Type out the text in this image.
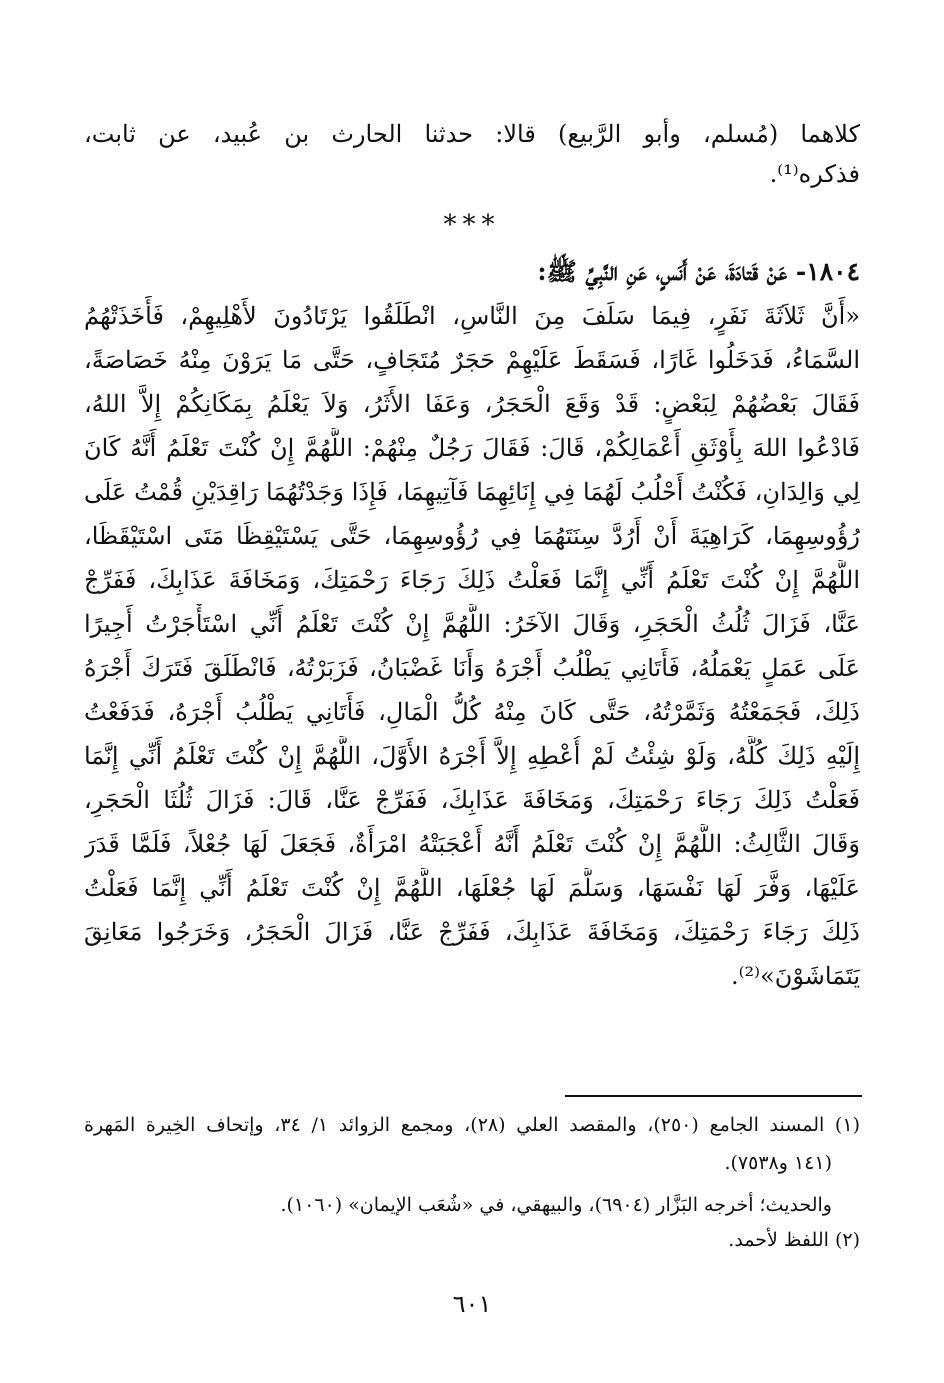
كلاهما (مُسلم، وأبو الرَّبيع) قالا: حدثنا الحارث بن عُبيد، عن ثابت،
فذكره⁽¹⁾.
***
١٨٠٤- عَنْ قَتادَةَ، عَنْ أَنَسٍ، عَنِ النَّبِيِّ ﷺ:
«أَنَّ ثَلاَثَةَ نَفَرٍ، فِيمَا سَلَفَ مِنَ النَّاسِ، انْطَلَقُوا يَرْتَادُونَ لأَهْلِيهِمْ، فَأَخَذَتْهُمُ
السَّمَاءُ، فَدَخَلُوا غَارًا، فَسَقَطَ عَلَيْهِمْ حَجَرٌ مُتَجَافٍ، حَتَّى مَا يَرَوْنَ مِنْهُ خَصَاصَةً،
فَقَالَ بَعْضُهُمْ لِبَعْضٍ: قَدْ وَقَعَ الْحَجَرُ، وَعَفَا الأَثَرُ، وَلاَ يَعْلَمُ بِمَكَانِكُمْ إِلاَّ اللهُ،
فَادْعُوا اللهَ بِأَوْثَقِ أَعْمَالِكُمْ، قَالَ: فَقَالَ رَجُلٌ مِنْهُمْ: اللَّهُمَّ إِنْ كُنْتَ تَعْلَمُ أَنَّهُ كَانَ
لِي وَالِدَانِ، فَكُنْتُ أَحْلُبُ لَهُمَا فِي إِنَائِهِمَا فَآتِيهِمَا، فَإِذَا وَجَدْتُهُمَا رَاقِدَيْنِ قُمْتُ عَلَى
رُؤُوسِهِمَا، كَرَاهِيَةَ أَنْ أَرُدَّ سِنَتَهُمَا فِي رُؤُوسِهِمَا، حَتَّى يَسْتَيْقِظَا مَتَى اسْتَيْقَظَا،
اللَّهُمَّ إِنْ كُنْتَ تَعْلَمُ أَنِّي إِنَّمَا فَعَلْتُ ذَلِكَ رَجَاءَ رَحْمَتِكَ، وَمَخَافَةَ عَذَابِكَ، فَفَرِّجْ
عَنَّا، فَزَالَ ثُلُثُ الْحَجَرِ، وَقَالَ الآخَرُ: اللَّهُمَّ إِنْ كُنْتَ تَعْلَمُ أَنِّي اسْتَأْجَرْتُ أَجِيرًا
عَلَى عَمَلٍ يَعْمَلُهُ، فَأَتَانِي يَطْلُبُ أَجْرَهُ وَأَنَا غَضْبَانُ، فَزَبَرْتُهُ، فَانْطَلَقَ فَتَرَكَ أَجْرَهُ
ذَلِكَ، فَجَمَعْتُهُ وَثَمَّرْتُهُ، حَتَّى كَانَ مِنْهُ كُلُّ الْمَالِ، فَأَتَانِي يَطْلُبُ أَجْرَهُ، فَدَفَعْتُ
إِلَيْهِ ذَلِكَ كُلَّهُ، وَلَوْ شِئْتُ لَمْ أُعْطِهِ إِلاَّ أَجْرَهُ الأَوَّلَ، اللَّهُمَّ إِنْ كُنْتَ تَعْلَمُ أَنِّي إِنَّمَا
فَعَلْتُ ذَلِكَ رَجَاءَ رَحْمَتِكَ، وَمَخَافَةَ عَذَابِكَ، فَفَرِّجْ عَنَّا، قَالَ: فَزَالَ ثُلُثَا الْحَجَرِ،
وَقَالَ الثَّالِثُ: اللَّهُمَّ إِنْ كُنْتَ تَعْلَمُ أَنَّهُ أَعْجَبَتْهُ امْرَأَةٌ، فَجَعَلَ لَهَا جُعْلاً، فَلَمَّا قَدَرَ
عَلَيْهَا، وَفَّرَ لَهَا نَفْسَهَا، وَسَلَّمَ لَهَا جُعْلَهَا، اللَّهُمَّ إِنْ كُنْتَ تَعْلَمُ أَنِّي إِنَّمَا فَعَلْتُ
ذَلِكَ رَجَاءَ رَحْمَتِكَ، وَمَخَافَةَ عَذَابِكَ، فَفَرِّجْ عَنَّا، فَزَالَ الْحَجَرُ، وَخَرَجُوا مَعَانِقَ
يَتَمَاشَوْنَ»⁽²⁾.
(١) المسند الجامع (٢٥٠)، والمقصد العلي (٢٨)، ومجمع الزوائد ١/ ٣٤، وإتحاف الخِيرة المَهرة
(١٤١ و٧٥٣٨).
والحديث؛ أخرجه البَزَّار (٦٩٠٤)، والبيهقي، في «شُعَب الإيمان» (١٠٦٠).
(٢) اللفظ لأحمد.
٦٠١
